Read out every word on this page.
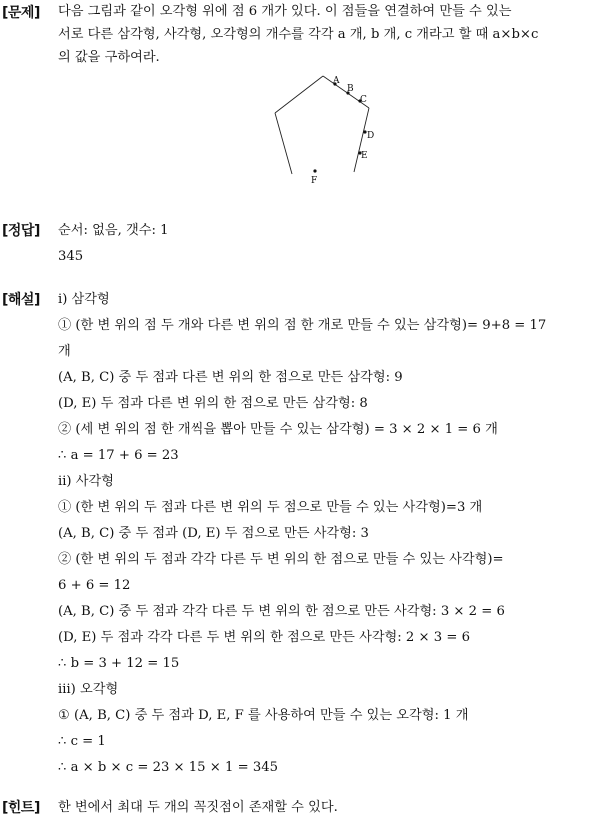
[문제] 다음 그림과 같이 오각형 위에 점 6 개가 있다. 이 점들을 연결하여 만들 수 있는
서로 다른 삼각형, 사각형, 오각형의 개수를 각각 a 개, b 개, c 개라고 할 때 a×b×c
의 값을 구하여라.
A
B
C
D
E
F
[정답] 순서: 없음, 갯수: 1
345
[해설] ⅰ) 삼각형
① (한 변 위의 점 두 개와 다른 변 위의 점 한 개로 만들 수 있는 삼각형)= 9+8 = 17
개
(A, B, C) 중 두 점과 다른 변 위의 한 점으로 만든 삼각형: 9
(D, E) 두 점과 다른 변 위의 한 점으로 만든 삼각형: 8
② (세 변 위의 점 한 개씩을 뽑아 만들 수 있는 삼각형) = 3 × 2 × 1 = 6 개
∴ a = 17 + 6 = 23
ⅱ) 사각형
① (한 변 위의 두 점과 다른 변 위의 두 점으로 만들 수 있는 사각형)=3 개
(A, B, C) 중 두 점과 (D, E) 두 점으로 만든 사각형: 3
② (한 변 위의 두 점과 각각 다른 두 변 위의 한 점으로 만들 수 있는 사각형)=
6 + 6 = 12
(A, B, C) 중 두 점과 각각 다른 두 변 위의 한 점으로 만든 사각형: 3 × 2 = 6
(D, E) 두 점과 각각 다른 두 변 위의 한 점으로 만든 사각형: 2 × 3 = 6
∴ b = 3 + 12 = 15
ⅲ) 오각형
① (A, B, C) 중 두 점과 D, E, F 를 사용하여 만들 수 있는 오각형: 1 개
∴ c = 1
∴ a × b × c = 23 × 15 × 1 = 345
[힌트] 한 변에서 최대 두 개의 꼭짓점이 존재할 수 있다.
